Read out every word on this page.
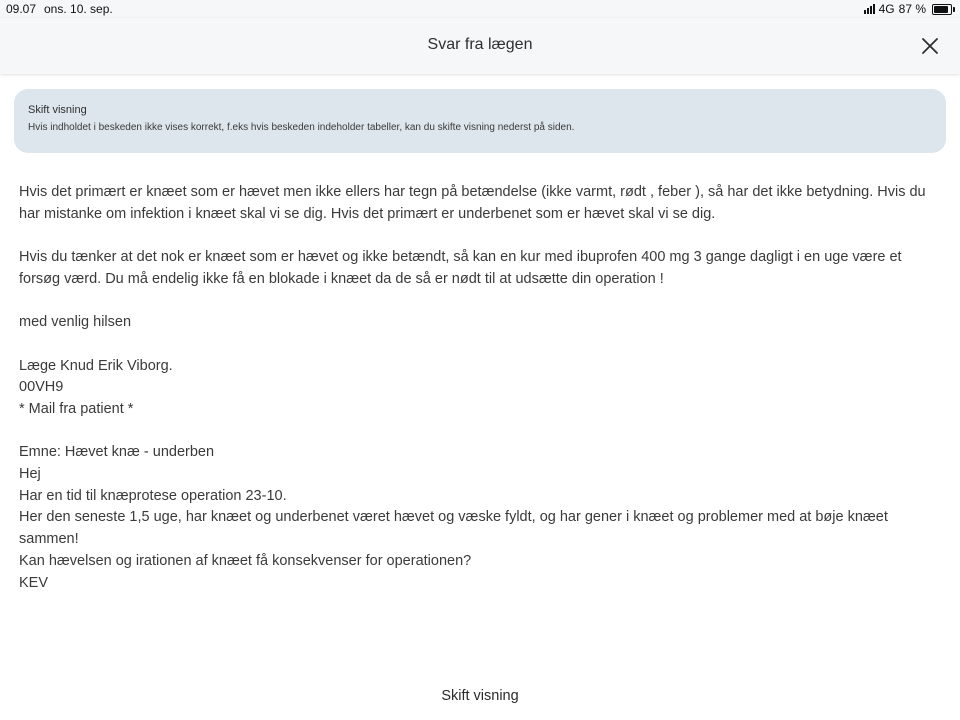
09.07 ons. 10. sep.	4G 87 %
Svar fra lægen
Skift visning
Hvis indholdet i beskeden ikke vises korrekt, f.eks hvis beskeden indeholder tabeller, kan du skifte visning nederst på siden.

Hvis det primært er knæet som er hævet men ikke ellers har tegn på betændelse (ikke varmt, rødt , feber ), så har det ikke betydning. Hvis du har mistanke om infektion i knæet skal vi se dig. Hvis det primært er underbenet som er hævet skal vi se dig.

Hvis du tænker at det nok er knæet som er hævet og ikke betændt, så kan en kur med ibuprofen 400 mg 3 gange dagligt i en uge være et forsøg værd. Du må endelig ikke få en blokade i knæet da de så er nødt til at udsætte din operation !

med venlig hilsen

Læge Knud Erik Viborg.

00VH9

* Mail fra patient *

Emne: Hævet knæ - underben

Hej

Har en tid til knæprotese operation 23-10.

Her den seneste 1,5 uge, har knæet og underbenet været hævet og væske fyldt, og har gener i knæet og problemer med at bøje knæet sammen!

Kan hævelsen og irationen af knæet få konsekvenser for operationen?

KEV

Skift visning
